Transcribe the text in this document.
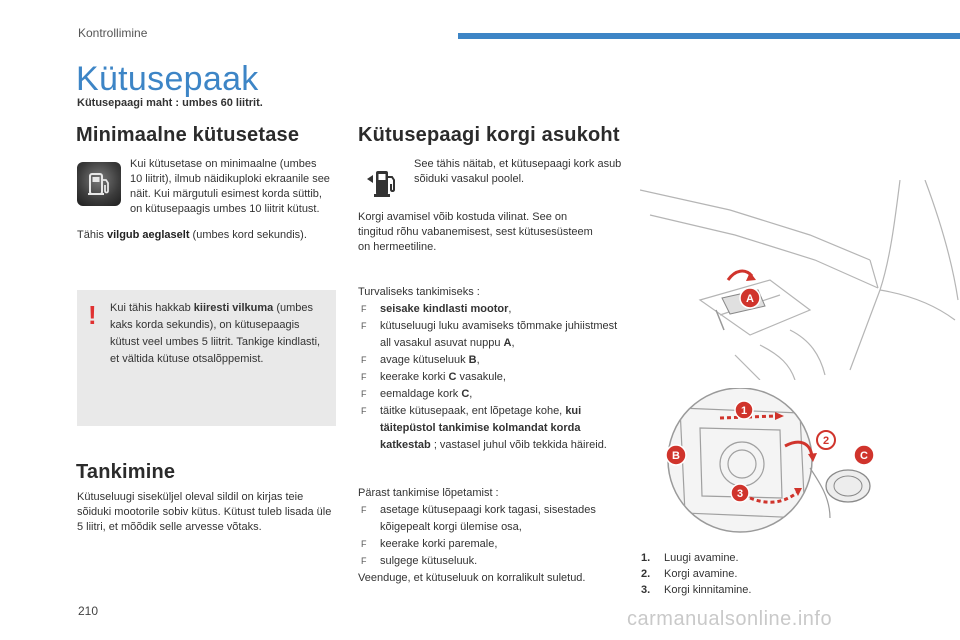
Kontrollimine
Kütusepaak
Kütusepaagi maht : umbes 60 liitrit.
Minimaalne kütusetase
Kui kütusetase on minimaalne (umbes 10 liitrit), ilmub näidikuploki ekraanile see näit. Kui märgutuli esimest korda süttib, on kütusepaagis umbes 10 liitrit kütust.
Tähis vilgub aeglaselt (umbes kord sekundis).
! Kui tähis hakkab kiiresti vilkuma (umbes kaks korda sekundis), on kütusepaagis kütust veel umbes 5 liitrit. Tankige kindlasti, et vältida kütuse otsalõppemist.
Tankimine
Kütuseluugi siseküljel oleval sildil on kirjas teie sõiduki mootorile sobiv kütus. Kütust tuleb lisada üle 5 liitri, et mõõdik selle arvesse võtaks.
Kütusepaagi korgi asukoht
See tähis näitab, et kütusepaagi kork asub sõiduki vasakul poolel.
Korgi avamisel võib kostuda vilinat. See on tingitud rõhu vabanemisest, sest kütusesüsteem on hermeetiline.
Turvaliseks tankimiseks :
F seisake kindlasti mootor,
F kütuseluugi luku avamiseks tõmmake juhiistmest all vasakul asuvat nuppu A,
F avage kütuseluuk B,
F keerake korki C vasakule,
F eemaldage kork C,
F täitke kütusepaak, ent lõpetage kohe, kui täitepüstol tankimise kolmandat korda katkestab ; vastasel juhul võib tekkida häireid.
Pärast tankimise lõpetamist :
F asetage kütusepaagi kork tagasi, sisestades kõigepealt korgi ülemise osa,
F keerake korki paremale,
F sulgege kütuseluuk.
Veenduge, et kütuseluuk on korralikult suletud.
A
1
2
C
B
3
1.	Luugi avamine.
2.	Korgi avamine.
3.	Korgi kinnitamine.
210	carmanualsonline.info
